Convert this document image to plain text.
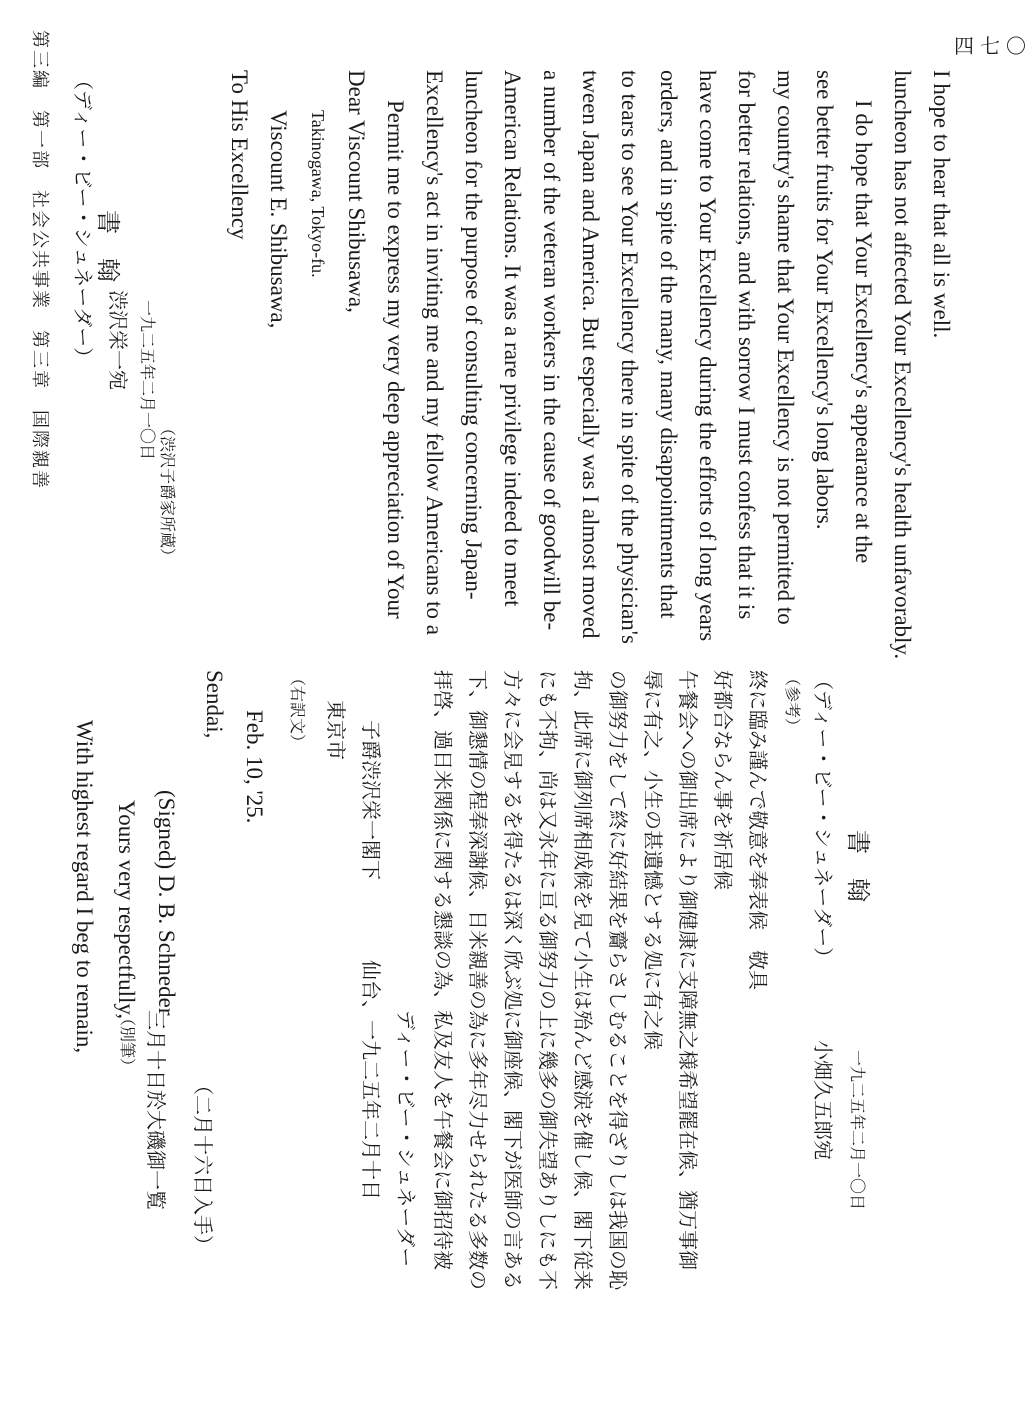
第三編　第一部　社会公共事業　第三章　国際親善	四七〇
（ディー・ビー・シュネーダー） 書　翰
渋沢栄一宛 一九二五年二月一〇日
（渋沢子爵家所蔵）

To His Excellency Viscount E. Shibusawa, Takinogawa, Tokyo-fu. Dear Viscount Shibusawa, Permit me to express my very deep appreciation of Your Excellency's act in inviting me and my fellow Americans to a luncheon for the purpose of consulting concerning Japan- American Relations. It was a rare privilege indeed to meet a number of the veteran workers in the cause of goodwill be- tween Japan and America. But especially was I almost moved to tears to see Your Excellency there in spite of the physician's orders, and in spite of the many, many disappointments that have come to Your Excellency during the efforts of long years for better relations, and with sorrow I must confess that it is my country's shame that Your Excellency is not permitted to see better fruits for Your Excellency's long labors. I do hope that Your Excellency's appearance at the luncheon has not affected Your Excellency's health unfavorably. I hope to hear that all is well.

With highest regard I beg to remain, Yours very respectfully, (Signed) D. B. Schneder

Sendai,

Feb. 10, '25.

（別筆） 三月十日於大磯御一覧 （二月十六日入手）
（右訳文） 東京市 子爵渋沢栄一閣下
仙台、一九二五年二月十日 ディー・ビー・シュネーダー 拝啓、過日米関係に関する懇談の為、私及友人を午餐会に御招待被 下、御懇情の程奉深謝候、日米親善の為に多年尽力せられたる多数の 方々に会見するを得たるは深く欣ぶ処に御座候、閣下が医師の言ある にも不拘、尚は又永年に亘る御努力の上に幾多の御失望ありしにも不 拘、此席に御列席相成候を見て小生は殆んど感涙を催し候、閣下従来 の御努力をして終に好結果を齎らさしむることを得ざりしは我国の恥 辱に有之、小生の甚遺憾とする処に有之候 午餐会への御出席により御健康に支障無之様希望罷在候、猶万事御 好都合ならん事を祈居候 終に臨み謹んで敬意を奉表候　敬具 （参考） （ディー・ビー・シュネーダー） 書　翰
小畑久五郎宛 一九二五年二月一〇日
